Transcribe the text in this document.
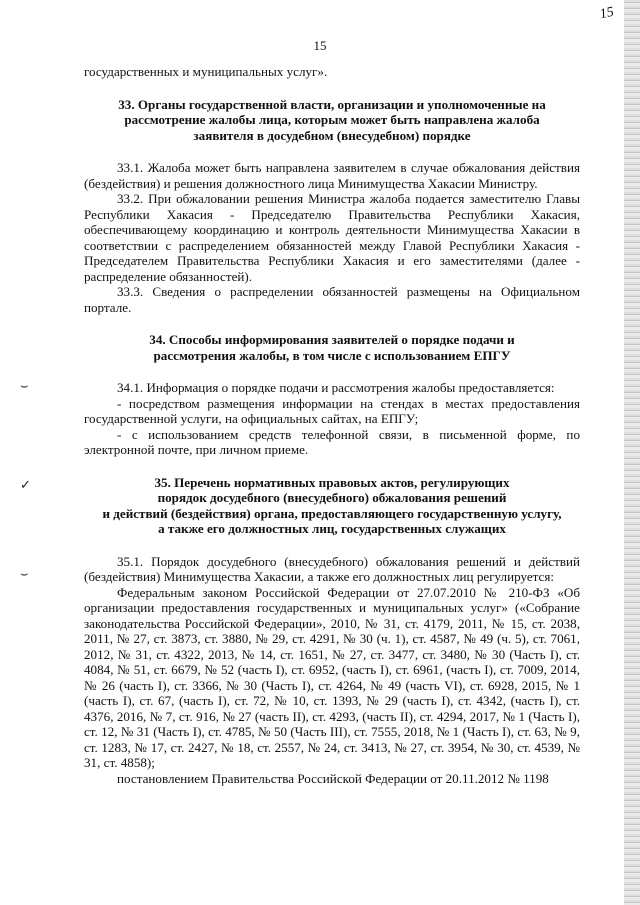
15
15
⌣
✓
⌣

государственных и муниципальных услуг».

33. Органы государственной власти, организации и уполномоченные на

рассмотрение жалобы лица, которым может быть направлена жалоба

заявителя в досудебном (внесудебном) порядке

33.1. Жалоба может быть направлена заявителем в случае обжалования действия (бездействия) и решения должностного лица Минимущества Хакасии Министру.

33.2. При обжаловании решения Министра жалоба подается заместителю Главы Республики Хакасия - Председателю Правительства Республики Хакасия, обеспечивающему координацию и контроль деятельности Минимущества Хакасии в соответствии с распределением обязанностей между Главой Республики Хакасия - Председателем Правительства Республики Хакасия и его заместителями (далее - распределение обязанностей).

33.3. Сведения о распределении обязанностей размещены на Официальном портале.

34. Способы информирования заявителей о порядке подачи и

рассмотрения жалобы, в том числе с использованием ЕПГУ

34.1. Информация о порядке подачи и рассмотрения жалобы предоставляется:

- посредством размещения информации на стендах в местах предоставления государственной услуги, на официальных сайтах, на ЕПГУ;

- с использованием средств телефонной связи, в письменной форме, по электронной почте, при личном приеме.

35. Перечень нормативных правовых актов, регулирующих

порядок досудебного (внесудебного) обжалования решений

и действий (бездействия) органа, предоставляющего государственную услугу,

а также его должностных лиц, государственных служащих

35.1. Порядок досудебного (внесудебного) обжалования решений и действий (бездействия) Минимущества Хакасии, а также его должностных лиц регулируется:

Федеральным законом Российской Федерации от 27.07.2010 № 210-ФЗ «Об организации предоставления государственных и муниципальных услуг» («Собрание законодательства Российской Федерации», 2010, № 31, ст. 4179, 2011, № 15, ст. 2038, 2011, № 27, ст. 3873, ст. 3880, № 29, ст. 4291, № 30 (ч. 1), ст. 4587, № 49 (ч. 5), ст. 7061, 2012, № 31, ст. 4322, 2013, № 14, ст. 1651, № 27, ст. 3477, ст. 3480, № 30 (Часть I), ст. 4084, № 51, ст. 6679, № 52 (часть I), ст. 6952, (часть I), ст. 6961, (часть I), ст. 7009, 2014, № 26 (часть I), ст. 3366, № 30 (Часть I), ст. 4264, № 49 (часть VI), ст. 6928, 2015, № 1 (часть I), ст. 67, (часть I), ст. 72, № 10, ст. 1393, № 29 (часть I), ст. 4342, (часть I), ст. 4376, 2016, № 7, ст. 916, № 27 (часть II), ст. 4293, (часть II), ст. 4294, 2017, № 1 (Часть I), ст. 12, № 31 (Часть I), ст. 4785, № 50 (Часть III), ст. 7555, 2018, № 1 (Часть I), ст. 63, № 9, ст. 1283, № 17, ст. 2427, № 18, ст. 2557, № 24, ст. 3413, № 27, ст. 3954, № 30, ст. 4539, № 31, ст. 4858);

постановлением Правительства Российской Федерации от 20.11.2012 № 1198
